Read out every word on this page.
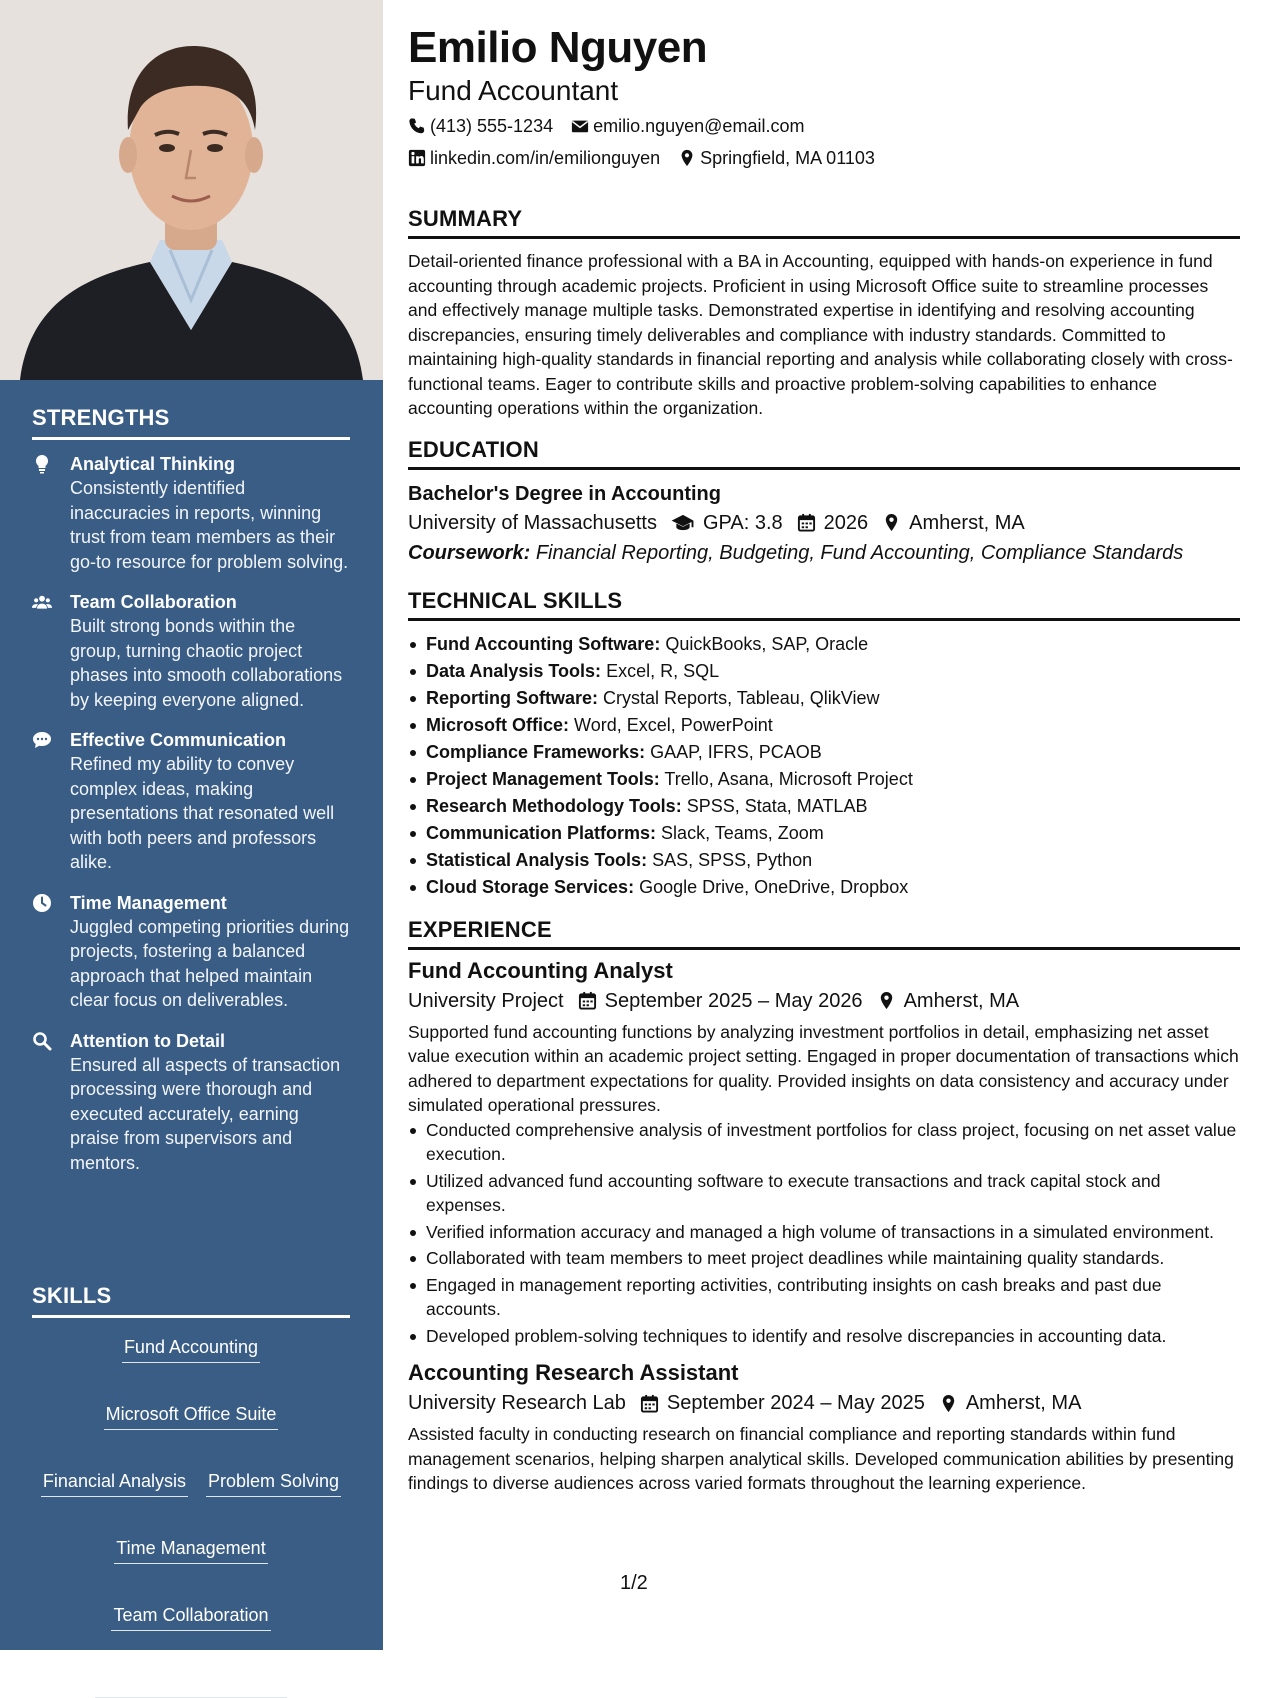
STRENGTHS
Analytical Thinking
Consistently identified inaccuracies in reports, winning trust from team members as their go-to resource for problem solving.
Team Collaboration
Built strong bonds within the group, turning chaotic project phases into smooth collaborations by keeping everyone aligned.
Effective Communication
Refined my ability to convey complex ideas, making presentations that resonated well with both peers and professors alike.
Time Management
Juggled competing priorities during projects, fostering a balanced approach that helped maintain clear focus on deliverables.
Attention to Detail
Ensured all aspects of transaction processing were thorough and executed accurately, earning praise from supervisors and mentors.
SKILLS
Fund Accounting
Microsoft Office Suite
Financial Analysis Problem Solving
Time Management
Team Collaboration
Transaction Processing
Emilio Nguyen
Fund Accountant
(413) 555-1234 emilio.nguyen@email.com
linkedin.com/in/emilionguyen Springfield, MA 01103
SUMMARY
Detail-oriented finance professional with a BA in Accounting, equipped with hands-on experience in fund accounting through academic projects. Proficient in using Microsoft Office suite to streamline processes and effectively manage multiple tasks. Demonstrated expertise in identifying and resolving accounting discrepancies, ensuring timely deliverables and compliance with industry standards. Committed to maintaining high-quality standards in financial reporting and analysis while collaborating closely with cross-functional teams. Eager to contribute skills and proactive problem-solving capabilities to enhance accounting operations within the organization.
EDUCATION
Bachelor's Degree in Accounting
University of Massachusetts GPA: 3.8 2026 Amherst, MA
Coursework: Financial Reporting, Budgeting, Fund Accounting, Compliance Standards
TECHNICAL SKILLS
Fund Accounting Software: QuickBooks, SAP, Oracle
Data Analysis Tools: Excel, R, SQL
Reporting Software: Crystal Reports, Tableau, QlikView
Microsoft Office: Word, Excel, PowerPoint
Compliance Frameworks: GAAP, IFRS, PCAOB
Project Management Tools: Trello, Asana, Microsoft Project
Research Methodology Tools: SPSS, Stata, MATLAB
Communication Platforms: Slack, Teams, Zoom
Statistical Analysis Tools: SAS, SPSS, Python
Cloud Storage Services: Google Drive, OneDrive, Dropbox
EXPERIENCE
Fund Accounting Analyst
University Project September 2025 – May 2026 Amherst, MA
Supported fund accounting functions by analyzing investment portfolios in detail, emphasizing net asset value execution within an academic project setting. Engaged in proper documentation of transactions which adhered to department expectations for quality. Provided insights on data consistency and accuracy under simulated operational pressures.
Conducted comprehensive analysis of investment portfolios for class project, focusing on net asset value execution.
Utilized advanced fund accounting software to execute transactions and track capital stock and expenses.
Verified information accuracy and managed a high volume of transactions in a simulated environment.
Collaborated with team members to meet project deadlines while maintaining quality standards.
Engaged in management reporting activities, contributing insights on cash breaks and past due accounts.
Developed problem-solving techniques to identify and resolve discrepancies in accounting data.
Accounting Research Assistant
University Research Lab September 2024 – May 2025 Amherst, MA
Assisted faculty in conducting research on financial compliance and reporting standards within fund management scenarios, helping sharpen analytical skills. Developed communication abilities by presenting findings to diverse audiences across varied formats throughout the learning experience.
1/2
